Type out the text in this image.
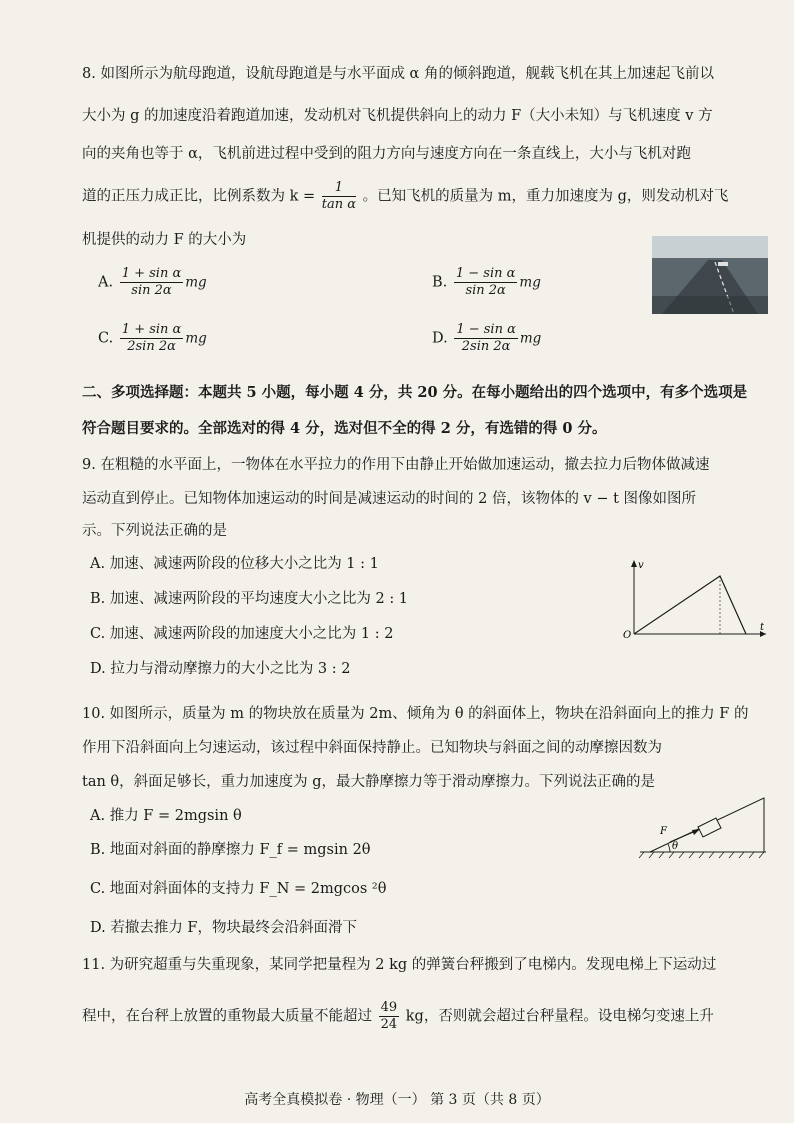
8. 如图所示为航母跑道，设航母跑道是与水平面成 α 角的倾斜跑道，舰载飞机在其上加速起飞前以
大小为 g 的加速度沿着跑道加速，发动机对飞机提供斜向上的动力 F（大小未知）与飞机速度 v 方
向的夹角也等于 α，飞机前进过程中受到的阻力方向与速度方向在一条直线上，大小与飞机对跑
道的正压力成正比，比例系数为 $k = \frac{1}{\text{tan α}}$ 。已知飞机的质量为 m，重力加速度为 g，则发动机对飞
机提供的动力 F 的大小为
A. $\frac{\text{1 + sin α}}{\sin 2\alpha}$ mg	B. $\frac{\text{1 − sin α}}{\sin 2\alpha}$ mg
C. $\frac{\text{1 + sin α}}{2\sin 2\alpha}$ mg	D. $\frac{\text{1 − sin α}}{2\sin 2\alpha}$ mg
二、多项选择题：本题共 5 小题，每小题 4 分，共 20 分。在每小题给出的四个选项中，有多个选项是
符合题目要求的。全部选对的得 4 分，选对但不全的得 2 分，有选错的得 0 分。
9. 在粗糙的水平面上，一物体在水平拉力的作用下由静止开始做加速运动，撤去拉力后物体做减速
运动直到停止。已知物体加速运动的时间是减速运动的时间的 2 倍，该物体的 v − t 图像如图所
示。下列说法正确的是
A. 加速、减速两阶段的位移大小之比为 1 : 1
B. 加速、减速两阶段的平均速度大小之比为 2 : 1
C. 加速、减速两阶段的加速度大小之比为 1 : 2
D. 拉力与滑动摩擦力的大小之比为 3 : 2
v
t
O
10. 如图所示，质量为 m 的物块放在质量为 2m、倾角为 θ 的斜面体上，物块在沿斜面向上的推力 F 的
作用下沿斜面向上匀速运动，该过程中斜面保持静止。已知物块与斜面之间的动摩擦因数为
tan θ，斜面足够长，重力加速度为 g，最大静摩擦力等于滑动摩擦力。下列说法正确的是
A. 推力 F = 2mgsin θ
B. 地面对斜面的静摩擦力 F_f = mgsin 2θ
C. 地面对斜面体的支持力 F_N = 2mgcos ²θ
D. 若撤去推力 F，物块最终会沿斜面滑下
F
θ
11. 为研究超重与失重现象，某同学把量程为 2 kg 的弹簧台秤搬到了电梯内。发现电梯上下运动过
程中，在台秤上放置的重物最大质量不能超过 $\frac{49}{24}$ kg，否则就会超过台秤量程。设电梯匀变速上升
高考全真模拟卷 · 物理（一） 第 3 页（共 8 页）
